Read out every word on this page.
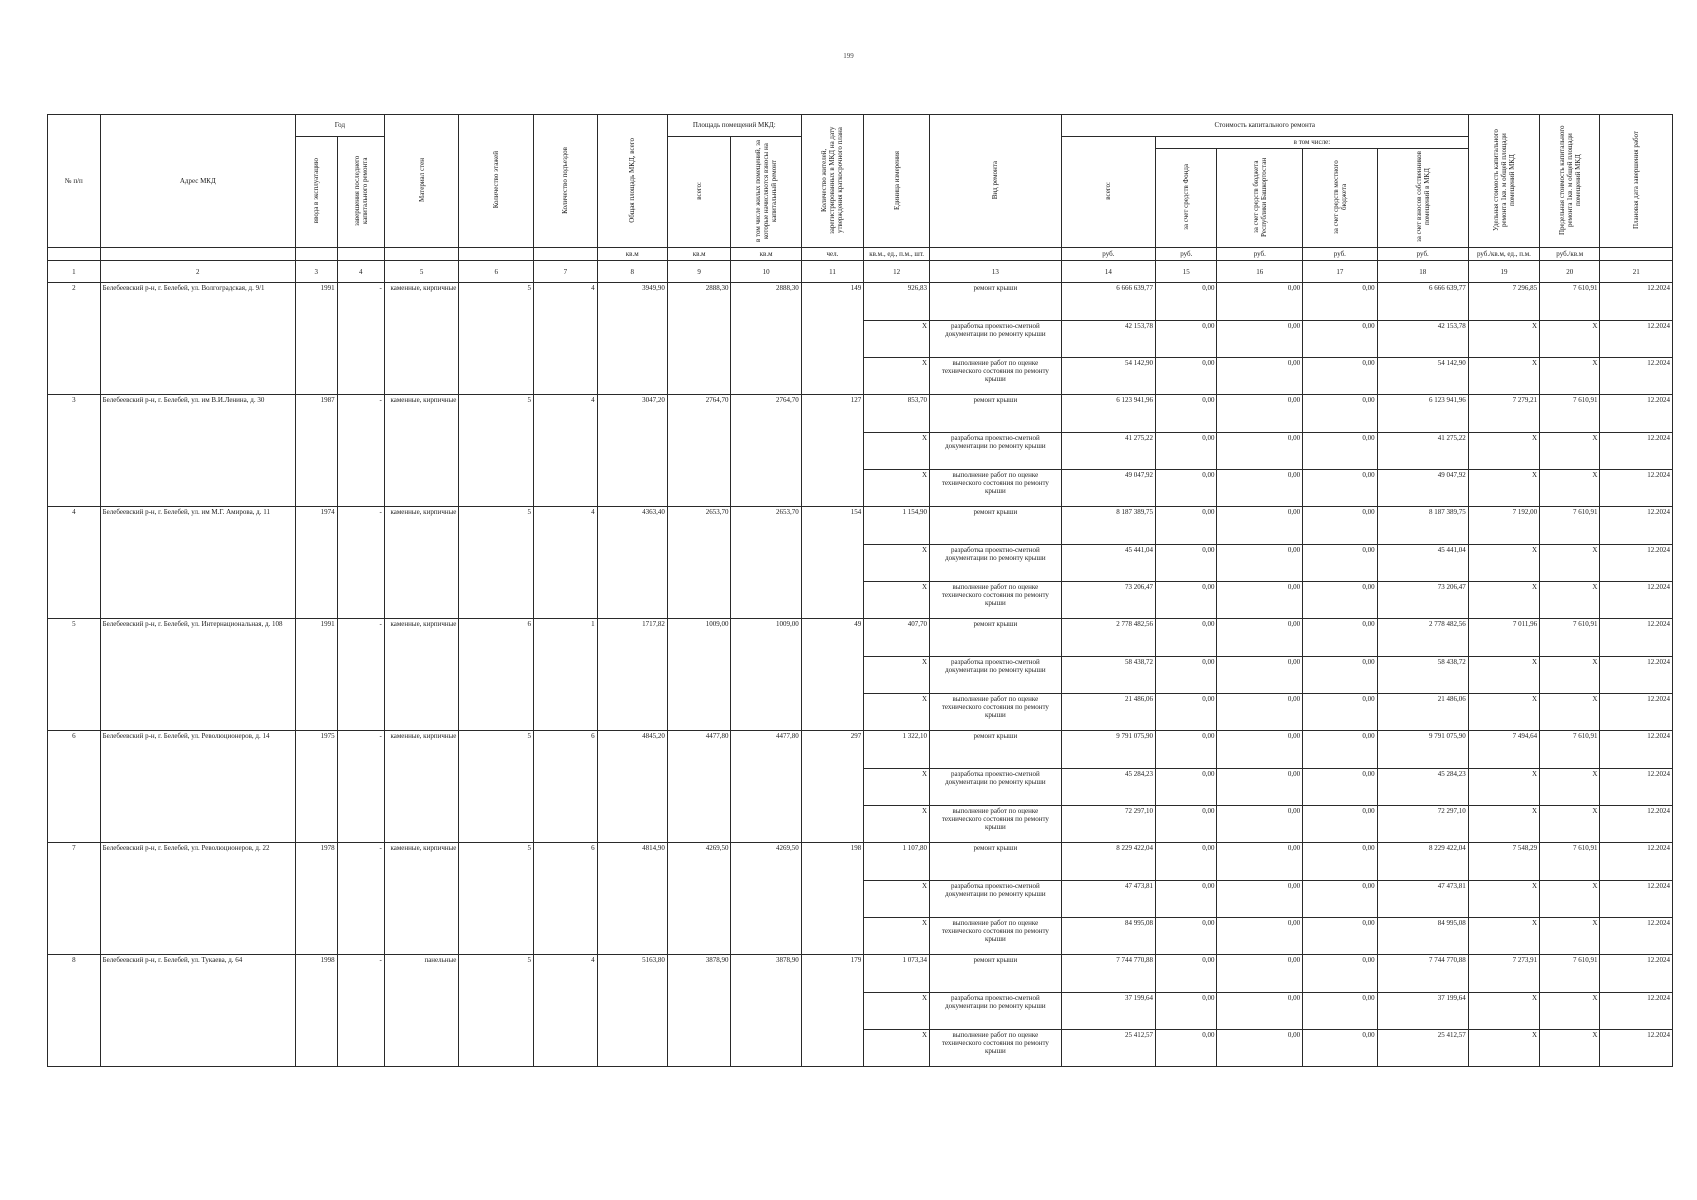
199
№ п/п	Адрес МКД	Год		Материал стен	Количество этажей	Количество подъездов	Общая площадь МКД, всего	Площадь помещений МКД:		Количество жителей, зарегистрированных в МКД на дату утверждения краткосрочного плана	Единица измерения	Вид ремонта	Стоимость капитального ремонта					Удельная стоимость капитального ремонта 1кв. м общей площади помещений МКД	Предельная стоимость капитального ремонта 1кв. м общей площади помещений МКД	Плановая дата завершения работ
		ввода в эксплуатацию	завершения последнего капитального ремонта					всего:	в том числе жилых помещений, за которые начисляются взносы на капитальный ремонт				всего:	в том числе:						
														за счет средств Фонда	за счет средств бюджета Республики Башкортостан	за счет средств местного бюджета	за счет взносов собственников помещений в МКД			
							кв.м	кв.м	кв.м	чел.	кв.м., ед., п.м., шт.		руб.	руб.	руб.	руб.	руб.	руб./кв.м, ед., п.м.	руб./кв.м	
1	2	3	4	5	6	7	8	9	10	11	12	13	14	15	16	17	18	19	20	21
2	Белебеевский р-н, г. Белебей, ул. Волгоградская, д. 9/1	1991	-	каменные, кирпичные	5	4	3949,90	2888,30	2888,30	149	926,83	ремонт крыши	6 666 639,77	0,00	0,00	0,00	6 666 639,77	7 296,85	7 610,91	12.2024
											X	разработка проектно-сметной документации по ремонту крыши	42 153,78	0,00	0,00	0,00	42 153,78	X	X	12.2024
											X	выполнение работ по оценке технического состояния по ремонту крыши	54 142,90	0,00	0,00	0,00	54 142,90	X	X	12.2024
3	Белебеевский р-н, г. Белебей, ул. им В.И.Ленина, д. 30	1987	-	каменные, кирпичные	5	4	3047,20	2764,70	2764,70	127	853,70	ремонт крыши	6 123 941,96	0,00	0,00	0,00	6 123 941,96	7 279,21	7 610,91	12.2024
											X	разработка проектно-сметной документации по ремонту крыши	41 275,22	0,00	0,00	0,00	41 275,22	X	X	12.2024
											X	выполнение работ по оценке технического состояния по ремонту крыши	49 047,92	0,00	0,00	0,00	49 047,92	X	X	12.2024
4	Белебеевский р-н, г. Белебей, ул. им М.Г. Амирова, д. 11	1974	-	каменные, кирпичные	5	4	4363,40	2653,70	2653,70	154	1 154,90	ремонт крыши	8 187 389,75	0,00	0,00	0,00	8 187 389,75	7 192,00	7 610,91	12.2024
											X	разработка проектно-сметной документации по ремонту крыши	45 441,04	0,00	0,00	0,00	45 441,04	X	X	12.2024
											X	выполнение работ по оценке технического состояния по ремонту крыши	73 206,47	0,00	0,00	0,00	73 206,47	X	X	12.2024
5	Белебеевский р-н, г. Белебей, ул. Интернациональная, д. 108	1991	-	каменные, кирпичные	6	1	1717,82	1009,00	1009,00	49	407,70	ремонт крыши	2 778 482,56	0,00	0,00	0,00	2 778 482,56	7 011,96	7 610,91	12.2024
											X	разработка проектно-сметной документации по ремонту крыши	58 438,72	0,00	0,00	0,00	58 438,72	X	X	12.2024
											X	выполнение работ по оценке технического состояния по ремонту крыши	21 486,06	0,00	0,00	0,00	21 486,06	X	X	12.2024
6	Белебеевский р-н, г. Белебей, ул. Революционеров, д. 14	1975	-	каменные, кирпичные	5	6	4845,20	4477,80	4477,80	297	1 322,10	ремонт крыши	9 791 075,90	0,00	0,00	0,00	9 791 075,90	7 494,64	7 610,91	12.2024
											X	разработка проектно-сметной документации по ремонту крыши	45 284,23	0,00	0,00	0,00	45 284,23	X	X	12.2024
											X	выполнение работ по оценке технического состояния по ремонту крыши	72 297,10	0,00	0,00	0,00	72 297,10	X	X	12.2024
7	Белебеевский р-н, г. Белебей, ул. Революционеров, д. 22	1978	-	каменные, кирпичные	5	6	4814,90	4269,50	4269,50	198	1 107,80	ремонт крыши	8 229 422,04	0,00	0,00	0,00	8 229 422,04	7 548,29	7 610,91	12.2024
											X	разработка проектно-сметной документации по ремонту крыши	47 473,81	0,00	0,00	0,00	47 473,81	X	X	12.2024
											X	выполнение работ по оценке технического состояния по ремонту крыши	84 995,08	0,00	0,00	0,00	84 995,08	X	X	12.2024
8	Белебеевский р-н, г. Белебей, ул. Тукаева, д. 64	1998	-	панельные	5	4	5163,80	3878,90	3878,90	179	1 073,34	ремонт крыши	7 744 770,88	0,00	0,00	0,00	7 744 770,88	7 273,91	7 610,91	12.2024
											X	разработка проектно-сметной документации по ремонту крыши	37 199,64	0,00	0,00	0,00	37 199,64	X	X	12.2024
											X	выполнение работ по оценке технического состояния по ремонту крыши	25 412,57	0,00	0,00	0,00	25 412,57	X	X	12.2024
